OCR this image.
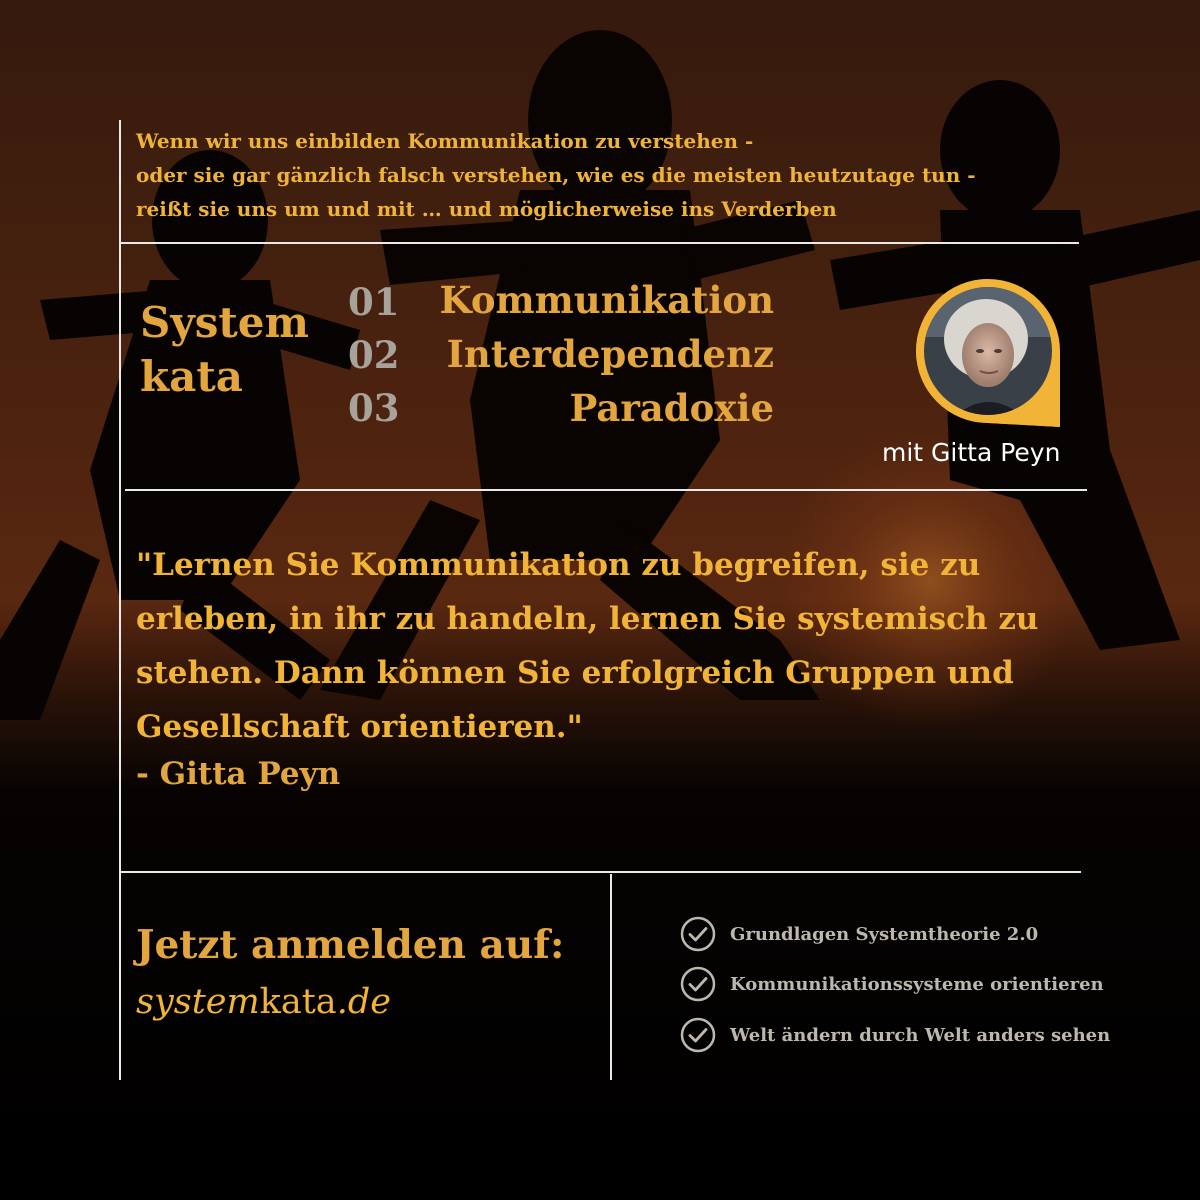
Wenn wir uns einbilden Kommunikation zu verstehen -
oder sie gar gänzlich falsch verstehen, wie es die meisten heutzutage tun -
reißt sie uns um und mit … und möglicherweise ins Verderben
System
kata
01
02
03
Kommunikation
Interdependenz
Paradoxie
mit Gitta Peyn
"Lernen Sie Kommunikation zu begreifen, sie zu
erleben, in ihr zu handeln, lernen Sie systemisch zu
stehen. Dann können Sie erfolgreich Gruppen und
Gesellschaft orientieren."
- Gitta Peyn
Jetzt anmelden auf:
systemkata.de
Grundlagen Systemtheorie 2.0
Kommunikationssysteme orientieren
Welt ändern durch Welt anders sehen
